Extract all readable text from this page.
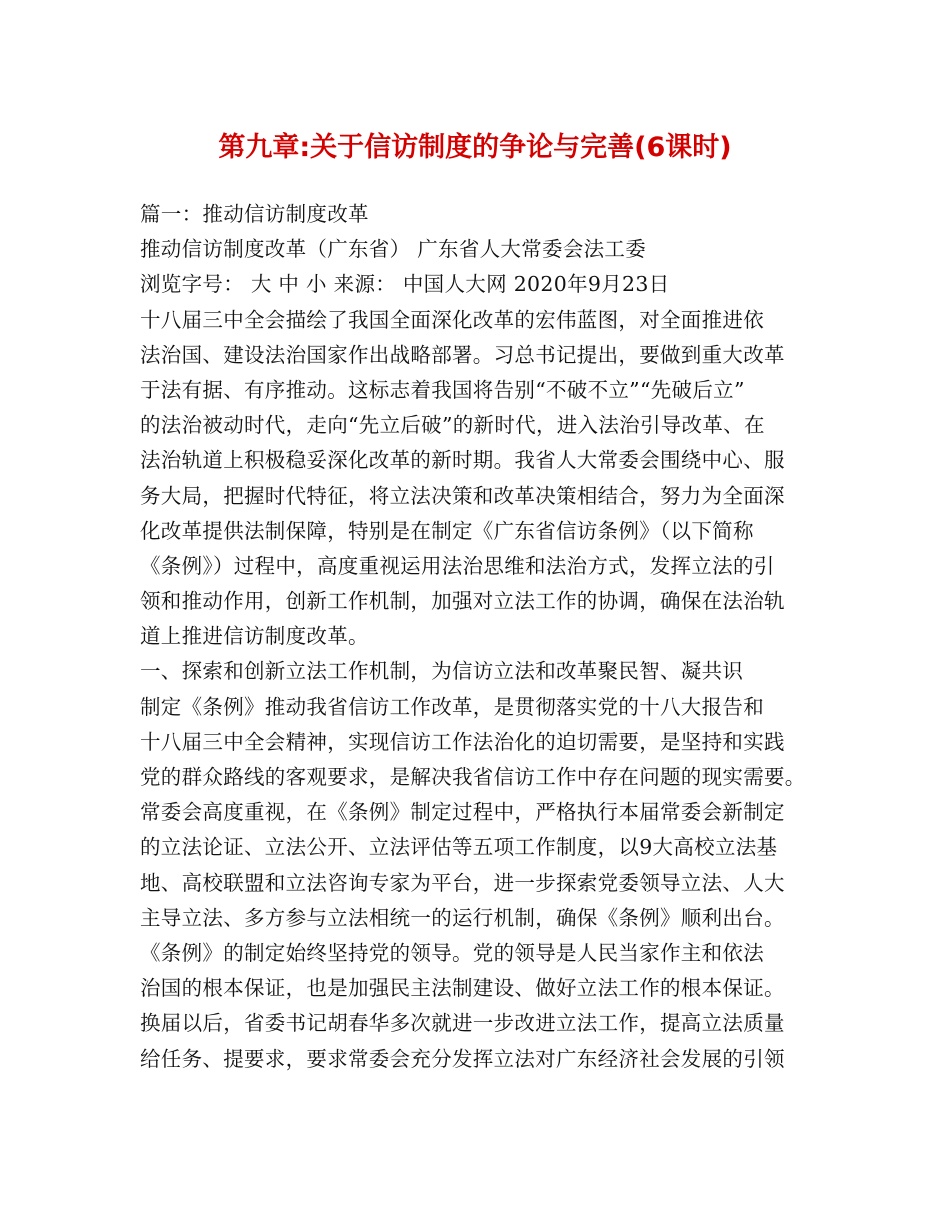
第九章:关于信访制度的争论与完善(6课时)
篇一：推动信访制度改革
推动信访制度改革（广东省） 广东省人大常委会法工委
浏览字号： 大 中 小 来源： 中国人大网 2020年9月23日
十八届三中全会描绘了我国全面深化改革的宏伟蓝图，对全面推进依
法治国、建设法治国家作出战略部署。习总书记提出，要做到重大改革
于法有据、有序推动。这标志着我国将告别“不破不立”“先破后立”
的法治被动时代，走向“先立后破”的新时代，进入法治引导改革、在
法治轨道上积极稳妥深化改革的新时期。我省人大常委会围绕中心、服
务大局，把握时代特征，将立法决策和改革决策相结合，努力为全面深
化改革提供法制保障，特别是在制定《广东省信访条例》（以下简称
《条例》）过程中，高度重视运用法治思维和法治方式，发挥立法的引
领和推动作用，创新工作机制，加强对立法工作的协调，确保在法治轨
道上推进信访制度改革。
一、探索和创新立法工作机制，为信访立法和改革聚民智、凝共识
制定《条例》推动我省信访工作改革，是贯彻落实党的十八大报告和
十八届三中全会精神，实现信访工作法治化的迫切需要，是坚持和实践
党的群众路线的客观要求，是解决我省信访工作中存在问题的现实需要。
常委会高度重视，在《条例》制定过程中，严格执行本届常委会新制定
的立法论证、立法公开、立法评估等五项工作制度，以9大高校立法基
地、高校联盟和立法咨询专家为平台，进一步探索党委领导立法、人大
主导立法、多方参与立法相统一的运行机制，确保《条例》顺利出台。
《条例》的制定始终坚持党的领导。党的领导是人民当家作主和依法
治国的根本保证，也是加强民主法制建设、做好立法工作的根本保证。
换届以后，省委书记胡春华多次就进一步改进立法工作，提高立法质量
给任务、提要求，要求常委会充分发挥立法对广东经济社会发展的引领
